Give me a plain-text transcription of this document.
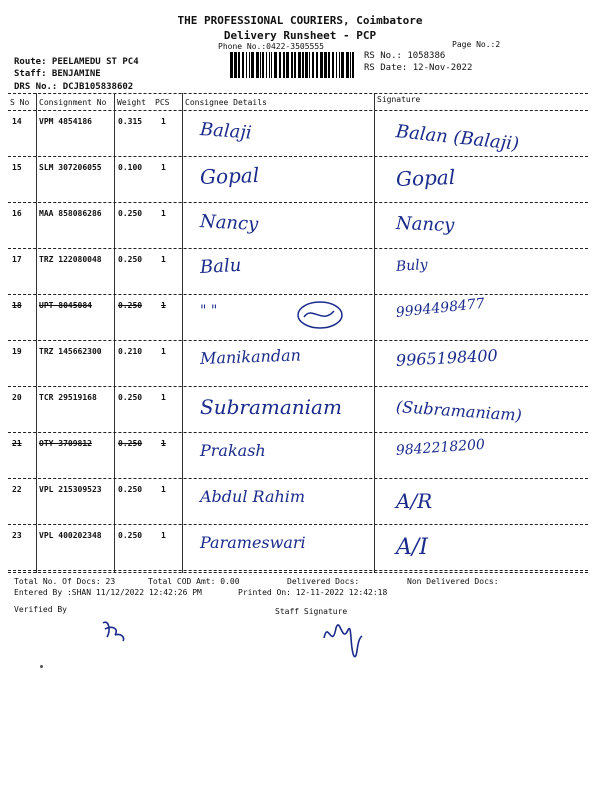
THE PROFESSIONAL COURIERS, Coimbatore
Delivery Runsheet - PCP
Phone No.:0422-3505555	Page No.:2
Route: PEELAMEDU ST PC4
Staff: BENJAMINE
DRS No.: DCJB105838602
RS No.: 1058386
RS Date: 12-Nov-2022
S No Consignment No Weight PCS Consignee Details	Signature
14 VPM 4854186	0.315 1 Balaji	Balan (Balaji)
15 SLM 307206055 0.100 1 Gopal	Gopal
16 MAA 858086286 0.250 1 Nancy	Nancy
17 TRZ 122080048 0.250 1 Balu	Buly
18 UPT 8045084	0.250 1 " "	9994498477
19 TRZ 145662300 0.210 1 Manikandan	9965198400
20 TCR 29519168	0.250 1 Subramaniam	(Subramaniam)
21 OTY 3709812	0.250 1 Prakash	9842218200
22 VPL 215309523 0.250 1 Abdul Rahim	A/R
23 VPL 400202348 0.250 1 Parameswari	A/I
Total No. Of Docs: 23	Total COD Amt: 0.00	Delivered Docs:	Non Delivered Docs:
Entered By :SHAN 11/12/2022 12:42:26 PM	Printed On: 12-11-2022 12:42:18
Verified By	Staff Signature
